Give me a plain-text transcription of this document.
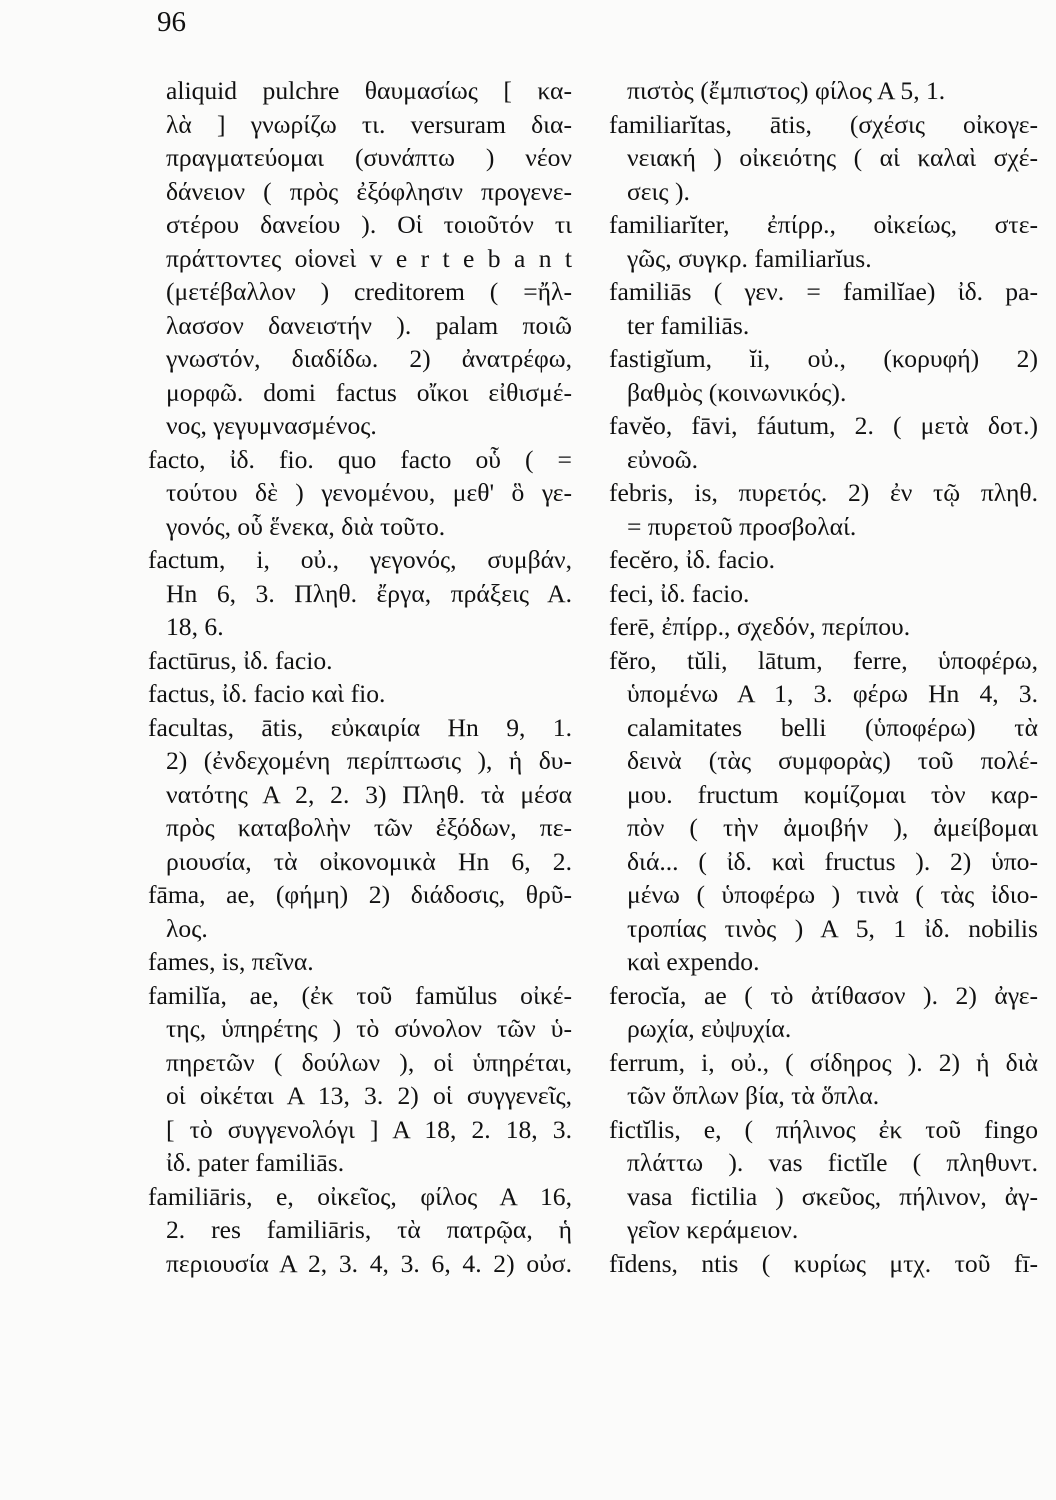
96
aliquid pulchre θαυμασίως [ κα-
λὰ ] γνωρίζω τι. versuram δια-
πραγματεύομαι (συνάπτω ) νέον
δάνειον ( πρὸς ἐξόφλησιν προγενε-
στέρου δανείου ). Οἱ τοιοῦτόν τι
πράττοντες οἱονεὶ v e r t e b a n t
(μετέβαλλον ) creditorem ( =ἤλ-
λασσον δανειστήν ). palam ποιῶ
γνωστόν, διαδίδω. 2) ἀνατρέφω,
μορφῶ. domi factus οἴκοι εἰθισμέ-
νος, γεγυμνασμένος.
facto, ἰδ. fio. quo facto οὗ ( =
τούτου δὲ ) γενομένου, μεθ' ὃ γε-
γονός, οὗ ἕνεκα, διὰ τοῦτο.
factum, i, οὐ., γεγονός, συμβάν,
Ηn 6, 3. Πληθ. ἔργα, πράξεις Α.
18, 6.
factūrus, ἰδ. facio.
factus, ἰδ. facio καὶ fio.
facultas, ātis, εὐκαιρία Ηn 9, 1.
2) (ἐνδεχομένη περίπτωσις ), ἡ δυ-
νατότης Α 2, 2. 3) Πληθ. τὰ μέσα
πρὸς καταβολὴν τῶν ἐξόδων, πε-
ριουσία, τὰ οἰκονομικὰ Ηn 6, 2.
fāma, ae, (φήμη) 2) διάδοσις, θρῦ-
λος.
fames, is, πεῖνα.
familĭa, ae, (ἐκ τοῦ famŭlus οἰκέ-
της, ὑπηρέτης ) τὸ σύνολον τῶν ὑ-
πηρετῶν ( δούλων ), οἱ ὑπηρέται,
οἱ οἰκέται Α 13, 3. 2) οἱ συγγενεῖς,
[ τὸ συγγενολόγι ] Α 18, 2. 18, 3.
ἰδ. pater familiās.
familiāris, e, οἰκεῖος, φίλος Α 16,
2. res familiāris, τὰ πατρῷα, ἡ
περιουσία Α 2, 3. 4, 3. 6, 4. 2) οὐσ.
πιστὸς (ἔμπιστος) φίλος Α 5, 1.
familiarĭtas, ātis, (σχέσις οἰκογε-
νειακή ) οἰκειότης ( αἱ καλαὶ σχέ-
σεις ).
familiarĭter, ἐπίρρ., οἰκείως, στε-
γῶς, συγκρ. familiarĭus.
familiās ( γεν. = familĭae) ἰδ. pa-
ter familiās.
fastigĭum, ĭi, οὐ., (κορυφή) 2)
βαθμὸς (κοινωνικός).
favĕo, fāvi, fáutum, 2. ( μετὰ δοτ.)
εὐνοῶ.
febris, is, πυρετός. 2) ἐν τῷ πληθ.
= πυρετοῦ προσβολαί.
fecĕro, ἰδ. facio.
feci, ἰδ. facio.
ferē, ἐπίρρ., σχεδόν, περίπου.
fĕro, tŭli, lātum, ferre, ὑποφέρω,
ὑπομένω Α 1, 3. φέρω Ηn 4, 3.
calamitates belli (ὑποφέρω) τὰ
δεινὰ (τὰς συμφορὰς) τοῦ πολέ-
μου. fructum κομίζομαι τὸν καρ-
πὸν ( τὴν ἀμοιβήν ), ἀμείβομαι
διά... ( ἰδ. καὶ fructus ). 2) ὑπο-
μένω ( ὑποφέρω ) τινὰ ( τὰς ἰδιο-
τροπίας τινὸς ) Α 5, 1 ἰδ. nobilis
καὶ expendo.
ferocĭa, ae ( τὸ ἀτίθασον ). 2) ἀγε-
ρωχία, εὐψυχία.
ferrum, i, οὐ., ( σίδηρος ). 2) ἡ διὰ
τῶν ὅπλων βία, τὰ ὅπλα.
fictĭlis, e, ( πήλινος ἐκ τοῦ fingo
πλάττω ). vas fictĭle ( πληθυντ.
vasa fictilia ) σκεῦος, πήλινον, ἀγ-
γεῖον κεράμειον.
fīdens, ntis ( κυρίως μτχ. τοῦ fī-
